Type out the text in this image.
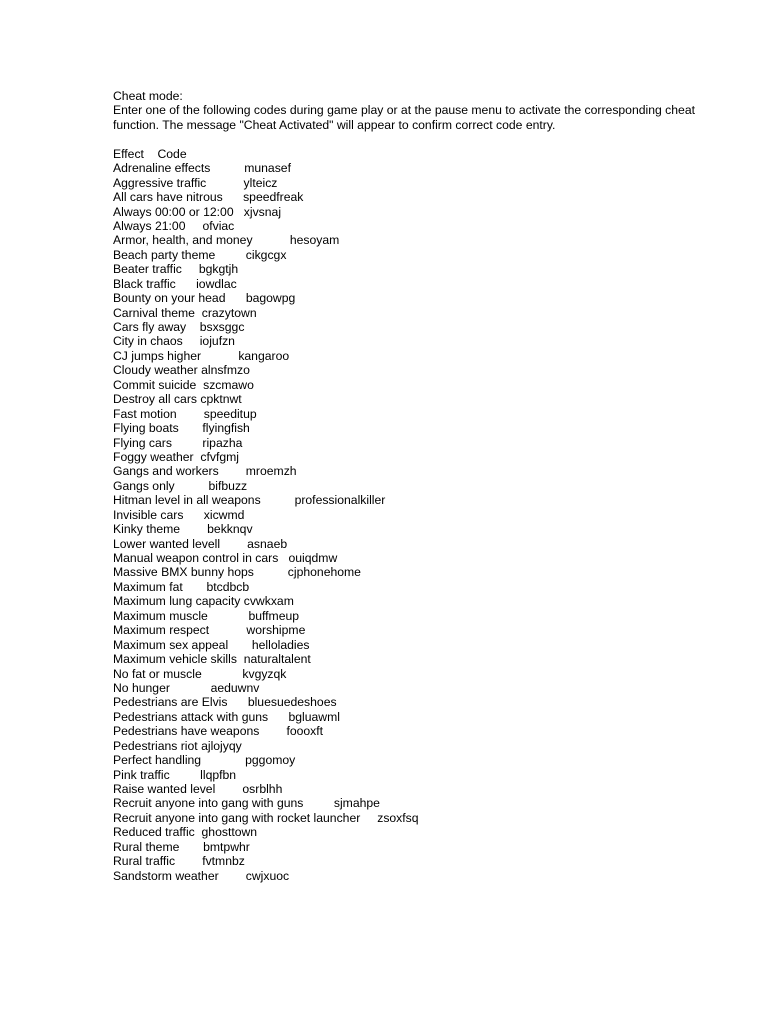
Cheat mode:
Enter one of the following codes during game play or at the pause menu to activate the corresponding cheat function. The message "Cheat Activated" will appear to confirm correct code entry.
Effect    Code
Adrenaline effects	munasef
Aggressive traffic	ylteicz
All cars have nitrous speedfreak
Always 00:00 or 12:00 xjvsnaj
Always 21:00 ofviac
Armor, health, and money	hesoyam
Beach party theme cikgcgx
Beater traffic bgkgtjh
Black traffic iowdlac
Bounty on your head bagowpg
Carnival theme crazytown
Cars fly away bsxsggc
City in chaos iojufzn
CJ jumps higher	kangaroo
Cloudy weather alnsfmzo
Commit suicide szcmawo
Destroy all cars cpktnwt
Fast motion speeditup
Flying boats flyingfish
Flying cars ripazha
Foggy weather cfvfgmj
Gangs and workers mroemzh
Gangs only	bifbuzz
Hitman level in all weapons	professionalkiller
Invisible cars xicwmd
Kinky theme bekknqv
Lower wanted levell asnaeb
Manual weapon control in cars ouiqdmw
Massive BMX bunny hops	cjphonehome
Maximum fat btcdbcb
Maximum lung capacity cvwkxam
Maximum muscle	buffmeup
Maximum respect	worshipme
Maximum sex appeal helloladies
Maximum vehicle skills naturaltalent
No fat or muscle	kvgyzqk
No hunger	aeduwnv
Pedestrians are Elvis bluesuedeshoes
Pedestrians attack with guns bgluawml
Pedestrians have weapons foooxft
Pedestrians riot ajlojyqy
Perfect handling	pggomoy
Pink traffic llqpfbn
Raise wanted level osrblhh
Recruit anyone into gang with guns sjmahpe
Recruit anyone into gang with rocket launcher zsoxfsq
Reduced traffic ghosttown
Rural theme bmtpwhr
Rural traffic fvtmnbz
Sandstorm weather cwjxuoc
